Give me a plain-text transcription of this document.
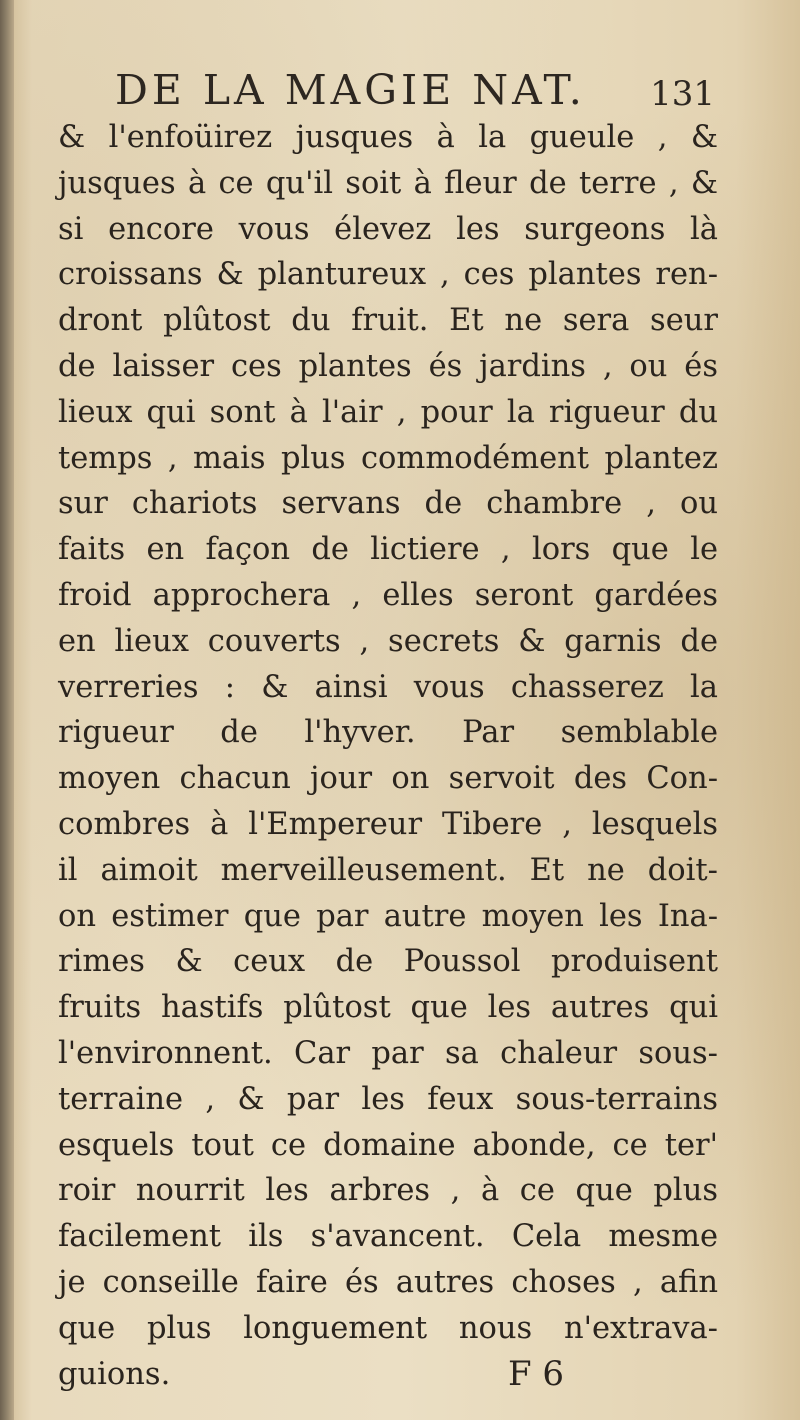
DE LA MAGIE NAT. 131
& l'enfoüirez jusques à la gueule , &
jusques à ce qu'il soit à fleur de terre , &
si encore vous élevez les surgeons là
croissans & plantureux , ces plantes ren-
dront plûtost du fruit. Et ne sera seur
de laisser ces plantes és jardins , ou és
lieux qui sont à l'air , pour la rigueur du
temps , mais plus commodément plantez
sur chariots servans de chambre , ou
faits en façon de lictiere , lors que le
froid approchera , elles seront gardées
en lieux couverts , secrets & garnis de
verreries : & ainsi vous chasserez la
rigueur de l'hyver. Par semblable
moyen chacun jour on servoit des Con-
combres à l'Empereur Tibere , lesquels
il aimoit merveilleusement. Et ne doit-
on estimer que par autre moyen les Ina-
rimes & ceux de Poussol produisent
fruits hastifs plûtost que les autres qui
l'environnent. Car par sa chaleur sous-
terraine , & par les feux sous-terrains
esquels tout ce domaine abonde, ce ter'
roir nourrit les arbres , à ce que plus
facilement ils s'avancent. Cela mesme
je conseille faire és autres choses , afin
que plus longuement nous n'extrava-
guions.	F 6
